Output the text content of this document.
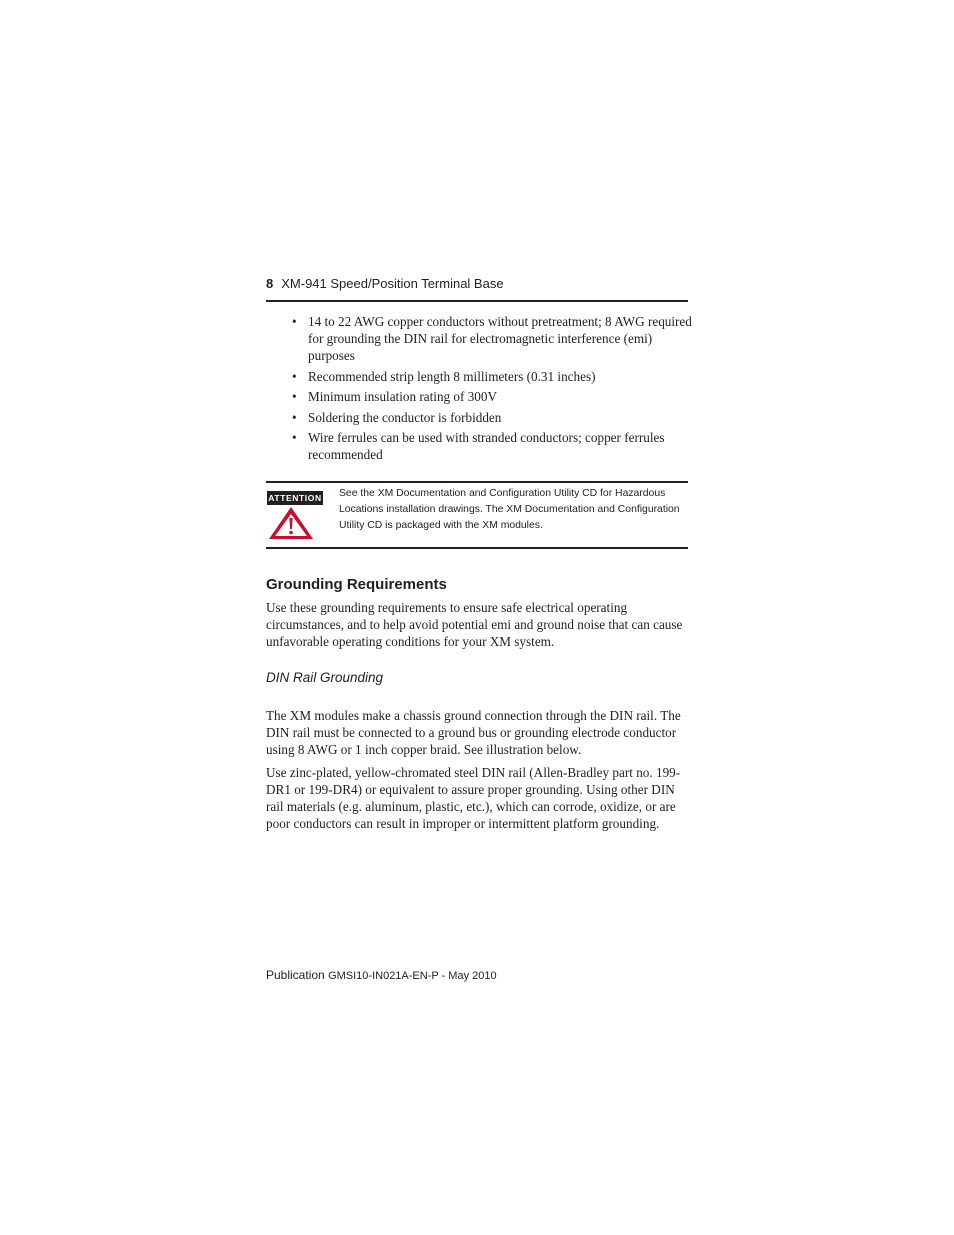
8 XM-941 Speed/Position Terminal Base
• 14 to 22 AWG copper conductors without pretreatment; 8 AWG required for grounding the DIN rail for electromagnetic interference (emi) purposes
• Recommended strip length 8 millimeters (0.31 inches)
• Minimum insulation rating of 300V
• Soldering the conductor is forbidden
• Wire ferrules can be used with stranded conductors; copper ferrules recommended
ATTENTION See the XM Documentation and Configuration Utility CD for Hazardous Locations installation drawings. The XM Documentation and Configuration Utility CD is packaged with the XM modules.
Grounding Requirements

Use these grounding requirements to ensure safe electrical operating circumstances, and to help avoid potential emi and ground noise that can cause unfavorable operating conditions for your XM system.

DIN Rail Grounding

The XM modules make a chassis ground connection through the DIN rail. The DIN rail must be connected to a ground bus or grounding electrode conductor using 8 AWG or 1 inch copper braid. See illustration below.

Use zinc-plated, yellow-chromated steel DIN rail (Allen-Bradley part no. 199-DR1 or 199-DR4) or equivalent to assure proper grounding. Using other DIN rail materials (e.g. aluminum, plastic, etc.), which can corrode, oxidize, or are poor conductors can result in improper or intermittent platform grounding.

Publication GMSI10-IN021A-EN-P - May 2010
